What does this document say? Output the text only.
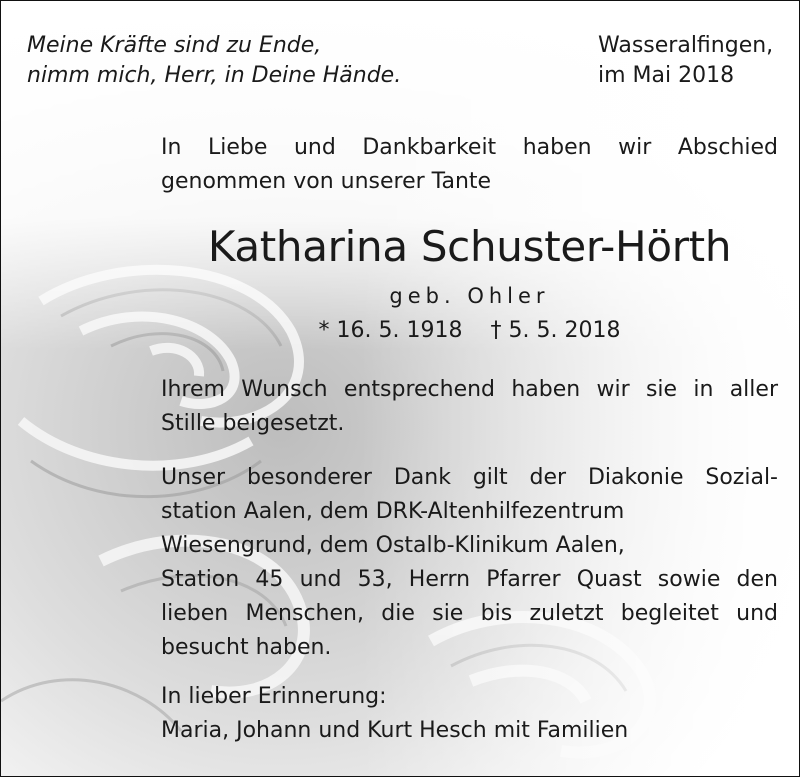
Meine Kräfte sind zu Ende,
nimm mich, Herr, in Deine Hände.

Wasseralfingen,
im Mai 2018

In Liebe und Dankbarkeit haben wir Abschied
genommen von unserer Tante

Katharina Schuster-Hörth
geb. Ohler
* 16. 5. 1918 † 5. 5. 2018

Ihrem Wunsch entsprechend haben wir sie in aller
Stille beigesetzt.

Unser besonderer Dank gilt der Diakonie Sozial-
station Aalen, dem DRK-Altenhilfezentrum
Wiesengrund, dem Ostalb-Klinikum Aalen,
Station 45 und 53, Herrn Pfarrer Quast sowie den
lieben Menschen, die sie bis zuletzt begleitet und
besucht haben.

In lieber Erinnerung:
Maria, Johann und Kurt Hesch mit Familien
